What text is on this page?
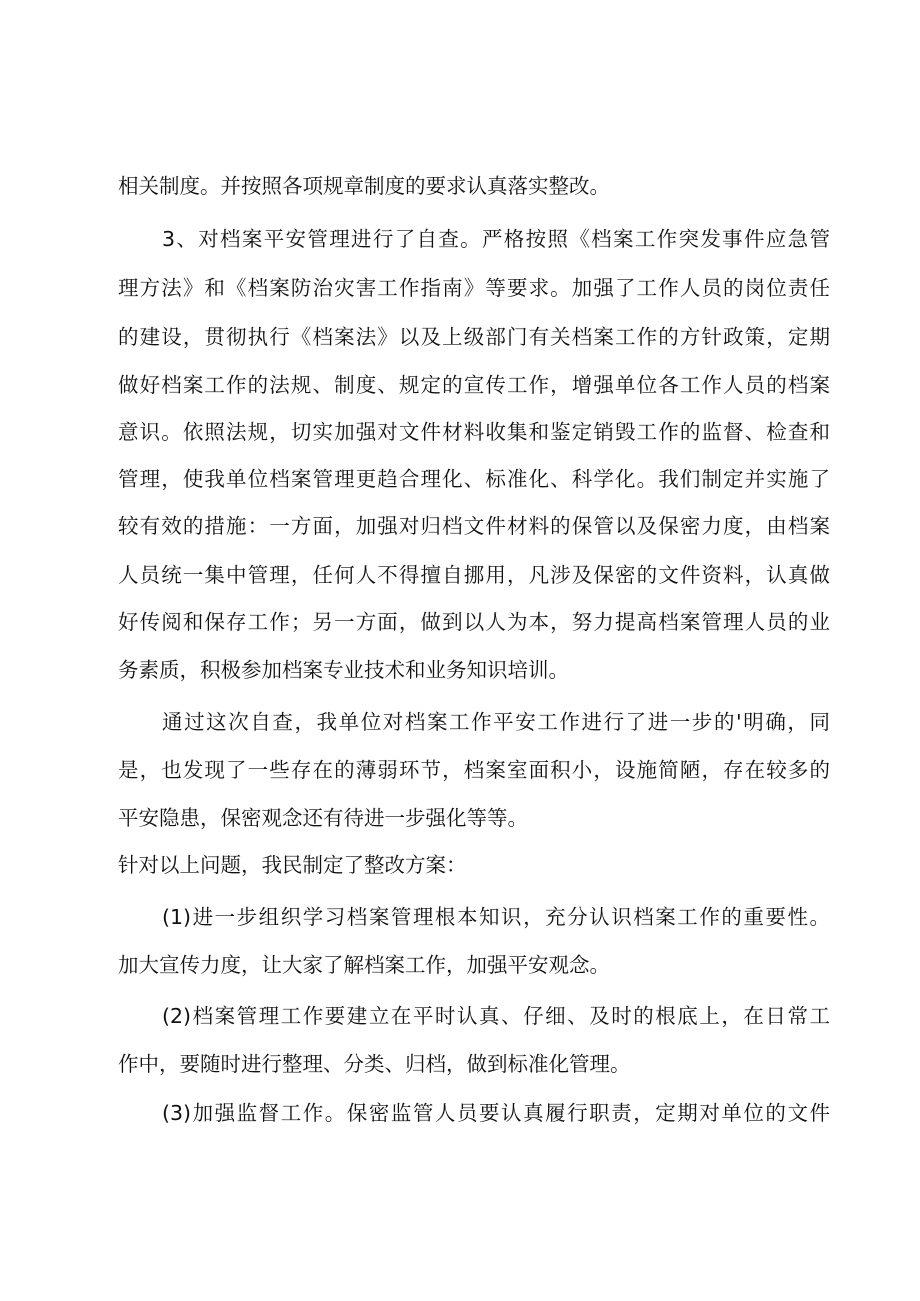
相关制度。并按照各项规章制度的要求认真落实整改。
3、对档案平安管理进行了自查。严格按照《档案工作突发事件应急管
理方法》和《档案防治灾害工作指南》等要求。加强了工作人员的岗位责任
的建设，贯彻执行《档案法》以及上级部门有关档案工作的方针政策，定期
做好档案工作的法规、制度、规定的宣传工作，增强单位各工作人员的档案
意识。依照法规，切实加强对文件材料收集和鉴定销毁工作的监督、检查和
管理，使我单位档案管理更趋合理化、标准化、科学化。我们制定并实施了
较有效的措施：一方面，加强对归档文件材料的保管以及保密力度，由档案
人员统一集中管理，任何人不得擅自挪用，凡涉及保密的文件资料，认真做
好传阅和保存工作；另一方面，做到以人为本，努力提高档案管理人员的业
务素质，积极参加档案专业技术和业务知识培训。
通过这次自查，我单位对档案工作平安工作进行了进一步的'明确，同
是，也发现了一些存在的薄弱环节，档案室面积小，设施简陋，存在较多的
平安隐患，保密观念还有待进一步强化等等。
针对以上问题，我民制定了整改方案：
(1)进一步组织学习档案管理根本知识，充分认识档案工作的重要性。
加大宣传力度，让大家了解档案工作，加强平安观念。
(2)档案管理工作要建立在平时认真、仔细、及时的根底上，在日常工
作中，要随时进行整理、分类、归档，做到标准化管理。
(3)加强监督工作。保密监管人员要认真履行职责，定期对单位的文件
